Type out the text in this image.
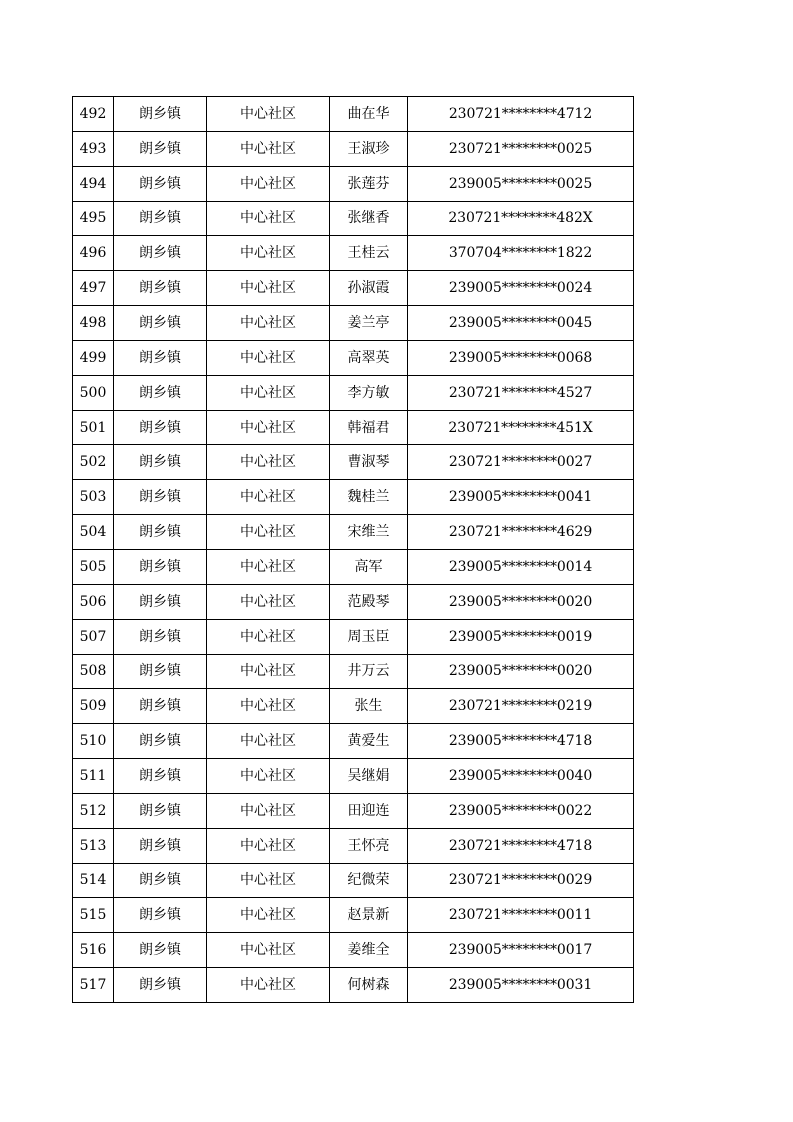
492	朗乡镇	中心社区	曲在华	230721********4712
493	朗乡镇	中心社区	王淑珍	230721********0025
494	朗乡镇	中心社区	张莲芬	239005********0025
495	朗乡镇	中心社区	张继香	230721********482X
496	朗乡镇	中心社区	王桂云	370704********1822
497	朗乡镇	中心社区	孙淑霞	239005********0024
498	朗乡镇	中心社区	姜兰亭	239005********0045
499	朗乡镇	中心社区	高翠英	239005********0068
500	朗乡镇	中心社区	李方敏	230721********4527
501	朗乡镇	中心社区	韩福君	230721********451X
502	朗乡镇	中心社区	曹淑琴	230721********0027
503	朗乡镇	中心社区	魏桂兰	239005********0041
504	朗乡镇	中心社区	宋维兰	230721********4629
505	朗乡镇	中心社区	高军	239005********0014
506	朗乡镇	中心社区	范殿琴	239005********0020
507	朗乡镇	中心社区	周玉臣	239005********0019
508	朗乡镇	中心社区	井万云	239005********0020
509	朗乡镇	中心社区	张生	230721********0219
510	朗乡镇	中心社区	黄爱生	239005********4718
511	朗乡镇	中心社区	吴继娟	239005********0040
512	朗乡镇	中心社区	田迎连	239005********0022
513	朗乡镇	中心社区	王怀亮	230721********4718
514	朗乡镇	中心社区	纪微荣	230721********0029
515	朗乡镇	中心社区	赵景新	230721********0011
516	朗乡镇	中心社区	姜维全	239005********0017
517	朗乡镇	中心社区	何树森	239005********0031
